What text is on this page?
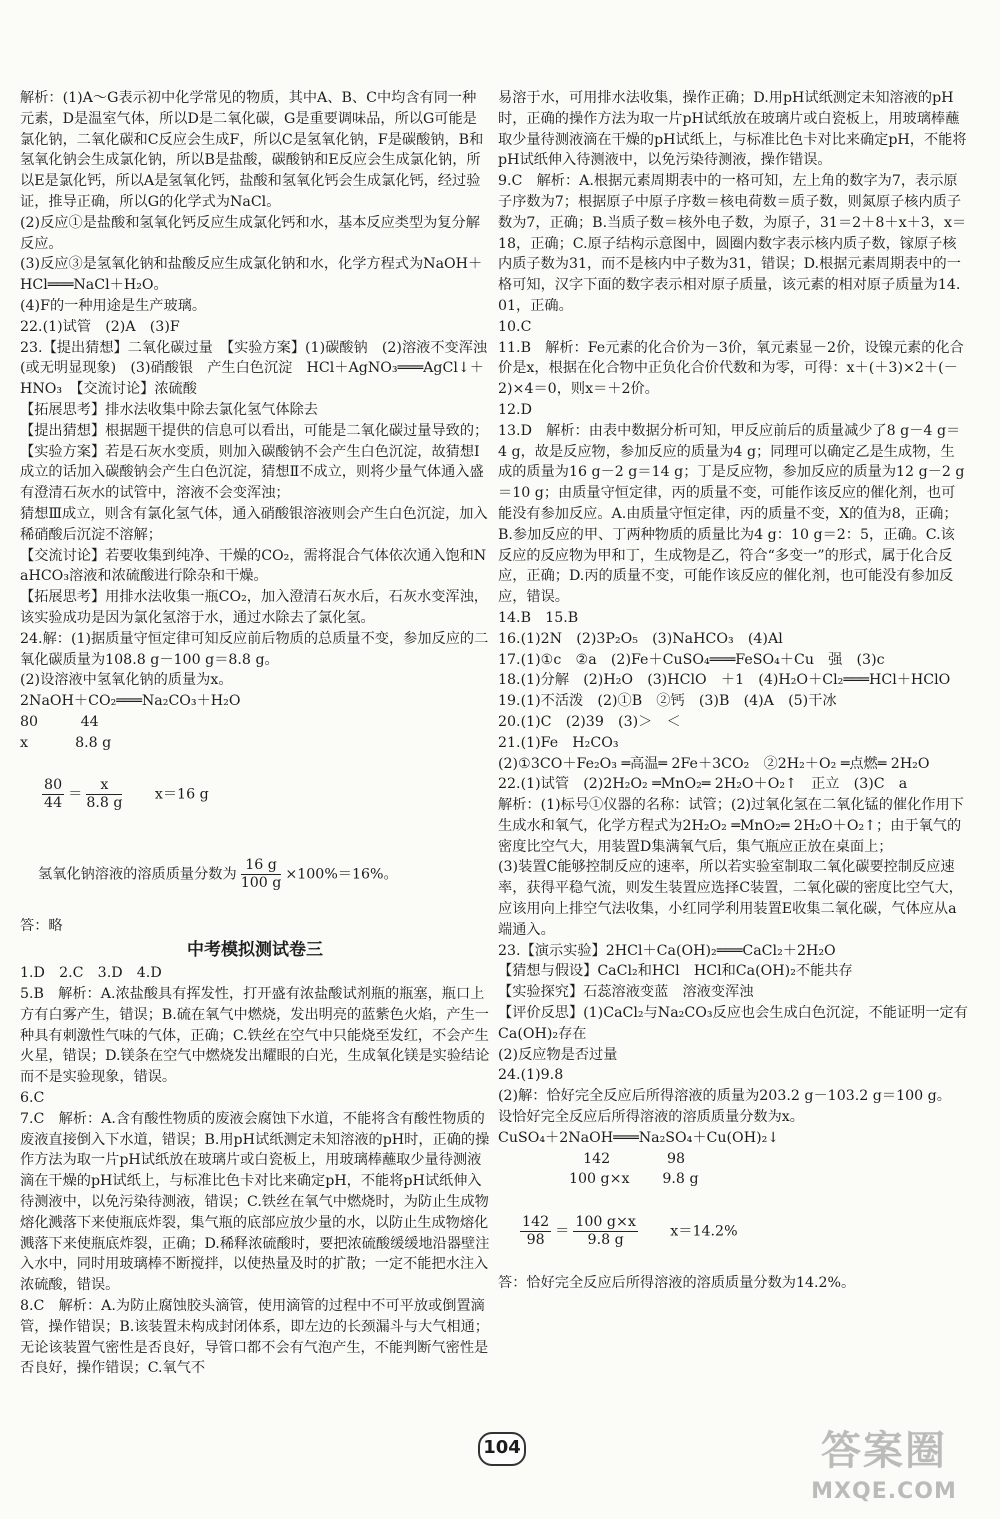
解析：(1)A～G表示初中化学常见的物质，其中A、B、C中均含有同一种元素，D是温室气体，所以D是二氧化碳，G是重要调味品，所以G可能是氯化钠，二氧化碳和C反应会生成F，所以C是氢氧化钠，F是碳酸钠，B和氢氧化钠会生成氯化钠，所以B是盐酸，碳酸钠和E反应会生成氯化钠，所以E是氯化钙，所以A是氢氧化钙，盐酸和氢氧化钙会生成氯化钙，经过验证，推导正确，所以G的化学式为NaCl。

(2)反应①是盐酸和氢氧化钙反应生成氯化钙和水，基本反应类型为复分解反应。

(3)反应③是氢氧化钠和盐酸反应生成氯化钠和水，化学方程式为NaOH＋HCl═══NaCl＋H₂O。

(4)F的一种用途是生产玻璃。

22.(1)试管　(2)A　(3)F

23.【提出猜想】二氧化碳过量　【实验方案】(1)碳酸钠　(2)溶液不变浑浊(或无明显现象)　(3)硝酸银　产生白色沉淀　HCl＋AgNO₃═══AgCl↓＋HNO₃　【交流讨论】浓硫酸

【拓展思考】排水法收集中除去氯化氢气体除去

【提出猜想】根据题干提供的信息可以看出，可能是二氧化碳过量导致的；

【实验方案】若是石灰水变质，则加入碳酸钠不会产生白色沉淀，故猜想Ⅰ成立的话加入碳酸钠会产生白色沉淀，猜想Ⅱ不成立，则将少量气体通入盛有澄清石灰水的试管中，溶液不会变浑浊；

猜想Ⅲ成立，则含有氯化氢气体，通入硝酸银溶液则会产生白色沉淀，加入稀硝酸后沉淀不溶解；

【交流讨论】若要收集到纯净、干燥的CO₂，需将混合气体依次通入饱和NaHCO₃溶液和浓硫酸进行除杂和干燥。

【拓展思考】用排水法收集一瓶CO₂，加入澄清石灰水后，石灰水变浑浊，该实验成功是因为氯化氢溶于水，通过水除去了氯化氢。

24.解：(1)据质量守恒定律可知反应前后物质的总质量不变，参加反应的二氧化碳质量为108.8 g－100 g＝8.8 g。

(2)设溶液中氢氧化钠的质量为x。

2NaOH＋CO₂═══Na₂CO₃＋H₂O

80　　　44

x　　　 8.8 g

$\frac{80}{44} = \frac{x}{8.8 g}$
　　 x＝16 g

氢氧化钠溶液的溶质质量分数为 $\frac{16 g}{100 g} \times 100\%=16\%$。

答：略

中考模拟测试卷三

1.D　2.C　3.D　4.D

5.B　解析：A.浓盐酸具有挥发性，打开盛有浓盐酸试剂瓶的瓶塞，瓶口上方有白雾产生，错误；B.硫在氧气中燃烧，发出明亮的蓝紫色火焰，产生一种具有刺激性气味的气体，正确；C.铁丝在空气中只能烧至发红，不会产生火星，错误；D.镁条在空气中燃烧发出耀眼的白光，生成氧化镁是实验结论而不是实验现象，错误。

6.C

7.C　解析：A.含有酸性物质的废液会腐蚀下水道，不能将含有酸性物质的废液直接倒入下水道，错误；B.用pH试纸测定未知溶液的pH时，正确的操作方法为取一片pH试纸放在玻璃片或白瓷板上，用玻璃棒蘸取少量待测液滴在干燥的pH试纸上，与标准比色卡对比来确定pH，不能将pH试纸伸入待测液中，以免污染待测液，错误；C.铁丝在氧气中燃烧时，为防止生成物熔化溅落下来使瓶底炸裂，集气瓶的底部应放少量的水，以防止生成物熔化溅落下来使瓶底炸裂，正确；D.稀释浓硫酸时，要把浓硫酸缓缓地沿器壁注入水中，同时用玻璃棒不断搅拌，以使热量及时的扩散；一定不能把水注入浓硫酸，错误。

8.C　解析：A.为防止腐蚀胶头滴管，使用滴管的过程中不可平放或倒置滴管，操作错误；B.该装置未构成封闭体系，即左边的长颈漏斗与大气相通；无论该装置气密性是否良好，导管口都不会有气泡产生，不能判断气密性是否良好，操作错误；C.氧气不

易溶于水，可用排水法收集，操作正确；D.用pH试纸测定未知溶液的pH时，正确的操作方法为取一片pH试纸放在玻璃片或白瓷板上，用玻璃棒蘸取少量待测液滴在干燥的pH试纸上，与标准比色卡对比来确定pH，不能将pH试纸伸入待测液中，以免污染待测液，操作错误。

9.C　解析：A.根据元素周期表中的一格可知，左上角的数字为7，表示原子序数为7；根据原子中原子序数＝核电荷数＝质子数，则氮原子核内质子数为7，正确；B.当质子数＝核外电子数，为原子，31＝2＋8＋x＋3，x＝18，正确；C.原子结构示意图中，圆圈内数字表示核内质子数，镓原子核内质子数为31，而不是核内中子数为31，错误；D.根据元素周期表中的一格可知，汉字下面的数字表示相对原子质量，该元素的相对原子质量为14.01，正确。

10.C

11.B　解析：Fe元素的化合价为－3价，氧元素显－2价，设镍元素的化合价是x，根据在化合物中正负化合价代数和为零，可得：x＋(＋3)×2＋(－2)×4＝0，则x＝＋2价。

12.D

13.D　解析：由表中数据分析可知，甲反应前后的质量减少了8 g－4 g＝4 g，故是反应物，参加反应的质量为4 g；同理可以确定乙是生成物，生成的质量为16 g－2 g＝14 g；丁是反应物，参加反应的质量为12 g－2 g＝10 g；由质量守恒定律，丙的质量不变，可能作该反应的催化剂，也可能没有参加反应。A.由质量守恒定律，丙的质量不变，X的值为8，正确；B.参加反应的甲、丁两种物质的质量比为4 g：10 g＝2：5，正确。C.该反应的反应物为甲和丁，生成物是乙，符合“多变一”的形式，属于化合反应，正确；D.丙的质量不变，可能作该反应的催化剂，也可能没有参加反应，错误。

14.B　15.B

16.(1)2N　(2)3P₂O₅　(3)NaHCO₃　(4)Al

17.(1)①c　②a　(2)Fe＋CuSO₄═══FeSO₄＋Cu　强　(3)c

18.(1)分解　(2)H₂O　(3)HClO　＋1　(4)H₂O＋Cl₂═══HCl＋HClO

19.(1)不活泼　(2)①B　②钙　(3)B　(4)A　(5)干冰

20.(1)C　(2)39　(3)＞　＜

21.(1)Fe　H₂CO₃

(2)①3CO＋Fe₂O₃ ═高温═ 2Fe＋3CO₂　②2H₂＋O₂ ═点燃═ 2H₂O

22.(1)试管　(2)2H₂O₂ ═MnO₂═ 2H₂O＋O₂↑　正立　(3)C　a

解析：(1)标号①仪器的名称：试管；(2)过氧化氢在二氧化锰的催化作用下生成水和氧气，化学方程式为2H₂O₂ ═MnO₂═ 2H₂O＋O₂↑；由于氧气的密度比空气大，用装置D集满氧气后，集气瓶应正放在桌面上；

(3)装置C能够控制反应的速率，所以若实验室制取二氧化碳要控制反应速率，获得平稳气流，则发生装置应选择C装置，二氧化碳的密度比空气大，应该用向上排空气法收集，小红同学利用装置E收集二氧化碳，气体应从a端通入。

23.【演示实验】2HCl＋Ca(OH)₂═══CaCl₂＋2H₂O

【猜想与假设】CaCl₂和HCl　HCl和Ca(OH)₂不能共存

【实验探究】石蕊溶液变蓝　溶液变浑浊

【评价反思】(1)CaCl₂与Na₂CO₃反应也会生成白色沉淀，不能证明一定有Ca(OH)₂存在

(2)反应物是否过量

24.(1)9.8

(2)解：恰好完全反应后所得溶液的质量为203.2 g－103.2 g＝100 g。

设恰好完全反应后所得溶液的溶质质量分数为x。

CuSO₄＋2NaOH═══Na₂SO₄＋Cu(OH)₂↓

　　　　　　142　　　　98

　　　　　100 g×x　　 9.8 g

$\frac{142}{98} = \frac{100 g\times x}{9.8 g}$
　　 x＝14.2%

答：恰好完全反应后所得溶液的溶质质量分数为14.2%。

104	答案圈
MXQE.COM
